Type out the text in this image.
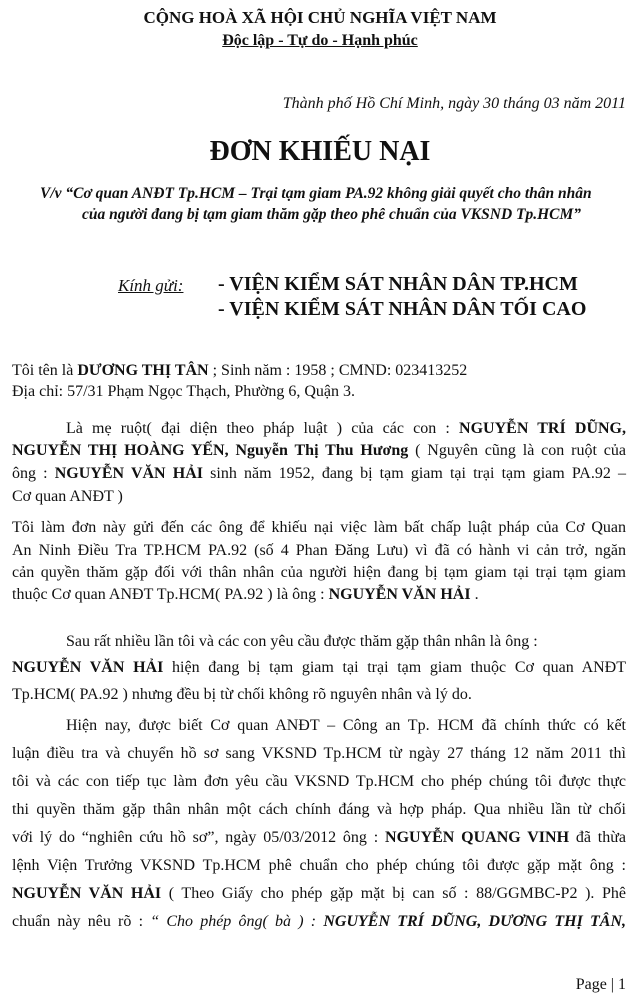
CỘNG HOÀ XÃ HỘI CHỦ NGHĨA VIỆT NAM
Độc lập - Tự do - Hạnh phúc
Thành phố Hồ Chí Minh, ngày 30 tháng 03 năm 2011
ĐƠN KHIẾU NẠI
V/v “Cơ quan ANĐT Tp.HCM – Trại tạm giam PA.92 không giải quyết cho thân nhân
của người đang bị tạm giam thăm gặp theo phê chuẩn của VKSND Tp.HCM”
Kính gửi: - VIỆN KIỂM SÁT NHÂN DÂN TP.HCM
- VIỆN KIỂM SÁT NHÂN DÂN TỐI CAO
Tôi tên là DƯƠNG THỊ TÂN ; Sinh năm : 1958 ; CMND: 023413252
Địa chỉ: 57/31 Phạm Ngọc Thạch, Phường 6, Quận 3.
Là mẹ ruột( đại diện theo pháp luật ) của các con : NGUYỄN TRÍ DŨNG,
NGUYỄN THỊ HOÀNG YẾN, Nguyễn Thị Thu Hương ( Nguyên cũng là con ruột của
ông : NGUYỄN VĂN HẢI sinh năm 1952, đang bị tạm giam tại trại tạm giam PA.92 –
Cơ quan ANĐT )
Tôi làm đơn này gửi đến các ông để khiếu nại việc làm bất chấp luật pháp của Cơ Quan
An Ninh Điều Tra TP.HCM PA.92 (số 4 Phan Đăng Lưu) vì đã có hành vi cản trở, ngăn
cản quyền thăm gặp đối với thân nhân của người hiện đang bị tạm giam tại trại tạm giam
thuộc Cơ quan ANĐT Tp.HCM( PA.92 ) là ông : NGUYỄN VĂN HẢI .
Sau rất nhiều lần tôi và các con yêu cầu được thăm gặp thân nhân là ông :
NGUYỄN VĂN HẢI hiện đang bị tạm giam tại trại tạm giam thuộc Cơ quan ANĐT
Tp.HCM( PA.92 ) nhưng đều bị từ chối không rõ nguyên nhân và lý do.
Hiện nay, được biết Cơ quan ANĐT – Công an Tp. HCM đã chính thức có kết
luận điều tra và chuyển hồ sơ sang VKSND Tp.HCM từ ngày 27 tháng 12 năm 2011 thì
tôi và các con tiếp tục làm đơn yêu cầu VKSND Tp.HCM cho phép chúng tôi được thực
thi quyền thăm gặp thân nhân một cách chính đáng và hợp pháp. Qua nhiều lần từ chối
với lý do “nghiên cứu hồ sơ”, ngày 05/03/2012 ông : NGUYỄN QUANG VINH đã thừa
lệnh Viện Trưởng VKSND Tp.HCM phê chuẩn cho phép chúng tôi được gặp mặt ông :
NGUYỄN VĂN HẢI ( Theo Giấy cho phép gặp mặt bị can số : 88/GGMBC-P2 ). Phê
chuẩn này nêu rõ : “ Cho phép ông( bà ) : NGUYỄN TRÍ DŨNG, DƯƠNG THỊ TÂN,
Page | 1
